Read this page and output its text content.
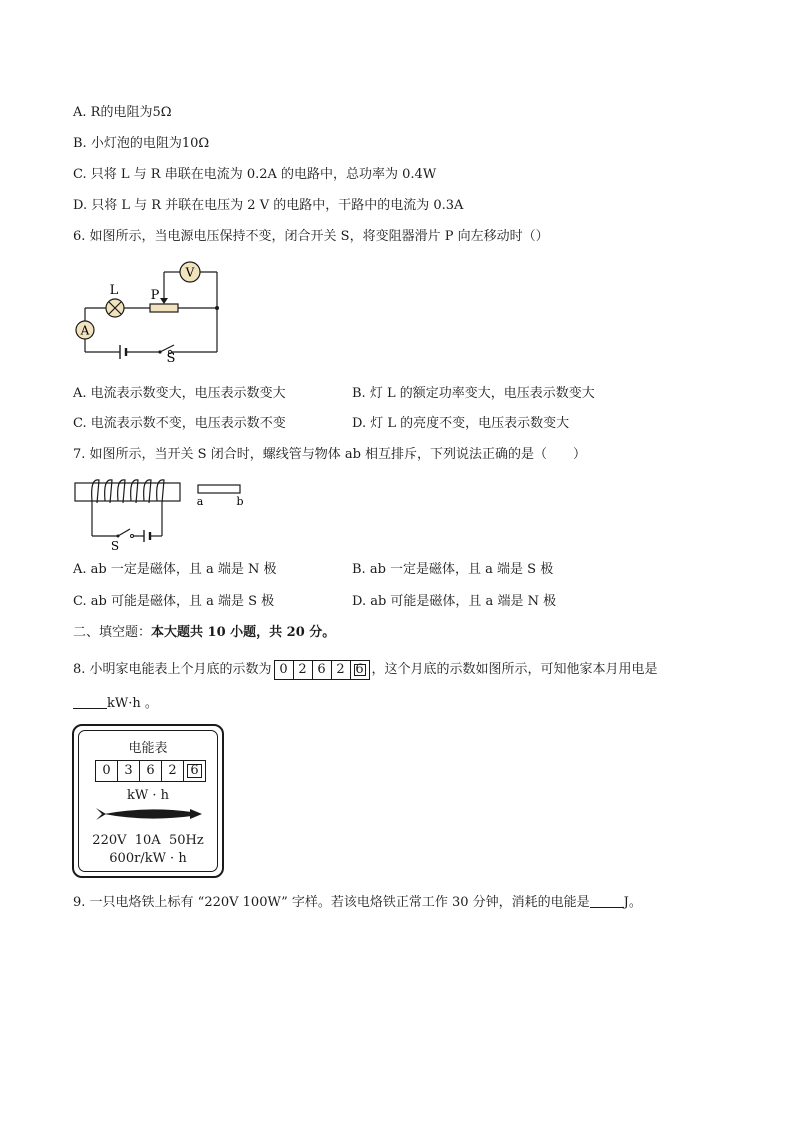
A. R的电阻为5Ω
B. 小灯泡的电阻为10Ω
C. 只将 L 与 R 串联在电流为 0.2A 的电路中，总功率为 0.4W
D. 只将 L 与 R 并联在电压为 2 V 的电路中，干路中的电流为 0.3A
6. 如图所示，当电源电压保持不变，闭合开关 S，将变阻器滑片 P 向左移动时（）
V
A
L P
S
A. 电流表示数变大，电压表示数变大	B. 灯 L 的额定功率变大，电压表示数变大
C. 电流表示数不变，电压表示数不变	D. 灯 L 的亮度不变，电压表示数变大
7. 如图所示，当开关 S 闭合时，螺线管与物体 ab 相互排斥，下列说法正确的是（　　）
a	b
S
A. ab 一定是磁体，且 a 端是 N 极	B. ab 一定是磁体，且 a 端是 S 极
C. ab 可能是磁体，且 a 端是 S 极	D. ab 可能是磁体，且 a 端是 N 极
二、填空题：本大题共 10 小题，共 20 分。
8. 小明家电能表上个月底的示数为 0 2 6 2 6 ，这个月底的示数如图所示，可知他家本月用电是
kW·h 。
电能表
0	3	6	2	6
kW · h
220V  10A  50Hz
600r/kW · h
9. 一只电烙铁上标有 “220V 100W” 字样。若该电烙铁正常工作 30 分钟，消耗的电能是	J。
